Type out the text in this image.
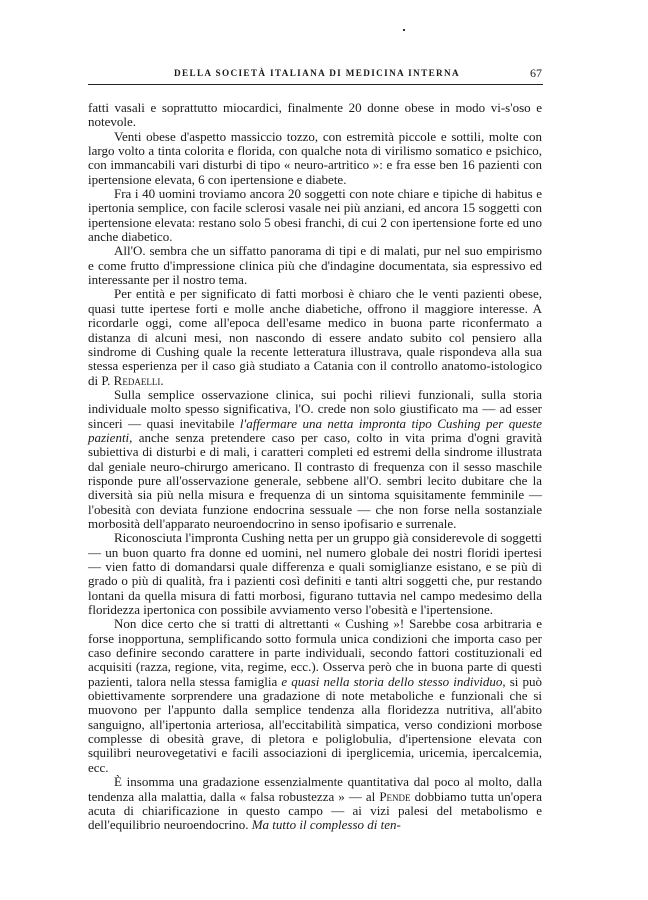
DELLA SOCIETÀ ITALIANA DI MEDICINA INTERNA	67

fatti vasali e soprattutto miocardici, finalmente 20 donne obese in modo vi-s'oso e notevole.

Venti obese d'aspetto massiccio tozzo, con estremità piccole e sottili, molte con largo volto a tinta colorita e florida, con qualche nota di virilismo somatico e psichico, con immancabili vari disturbi di tipo « neuro-artritico »: e fra esse ben 16 pazienti con ipertensione elevata, 6 con ipertensione e diabete.

Fra i 40 uomini troviamo ancora 20 soggetti con note chiare e tipiche di habitus e ipertonia semplice, con facile sclerosi vasale nei più anziani, ed ancora 15 soggetti con ipertensione elevata: restano solo 5 obesi franchi, di cui 2 con ipertensione forte ed uno anche diabetico.

All'O. sembra che un siffatto panorama di tipi e di malati, pur nel suo empirismo e come frutto d'impressione clinica più che d'indagine documentata, sia espressivo ed interessante per il nostro tema.

Per entità e per significato di fatti morbosi è chiaro che le venti pazienti obese, quasi tutte ipertese forti e molle anche diabetiche, offrono il maggiore interesse. A ricordarle oggi, come all'epoca dell'esame medico in buona parte riconfermato a distanza di alcuni mesi, non nascondo di essere andato subito col pensiero alla sindrome di Cushing quale la recente letteratura illustrava, quale rispondeva alla sua stessa esperienza per il caso già studiato a Catania con il controllo anatomo-istologico di P. Redaelli.

Sulla semplice osservazione clinica, sui pochi rilievi funzionali, sulla storia individuale molto spesso significativa, l'O. crede non solo giustificato ma — ad esser sinceri — quasi inevitabile l'affermare una netta impronta tipo Cushing per queste pazienti, anche senza pretendere caso per caso, colto in vita prima d'ogni gravità subiettiva di disturbi e di mali, i caratteri completi ed estremi della sindrome illustrata dal geniale neuro-chirurgo americano. Il contrasto di frequenza con il sesso maschile risponde pure all'osservazione generale, sebbene all'O. sembri lecito dubitare che la diversità sia più nella misura e frequenza di un sintoma squisitamente femminile — l'obesità con deviata funzione endocrina sessuale — che non forse nella sostanziale morbosità dell'apparato neuroendocrino in senso ipofisario e surrenale.

Riconosciuta l'impronta Cushing netta per un gruppo già considerevole di soggetti — un buon quarto fra donne ed uomini, nel numero globale dei nostri floridi ipertesi — vien fatto di domandarsi quale differenza e quali somiglianze esistano, e se più di grado o più di qualità, fra i pazienti così definiti e tanti altri soggetti che, pur restando lontani da quella misura di fatti morbosi, figurano tuttavia nel campo medesimo della floridezza ipertonica con possibile avviamento verso l'obesità e l'ipertensione.

Non dice certo che si tratti di altrettanti « Cushing »! Sarebbe cosa arbitraria e forse inopportuna, semplificando sotto formula unica condizioni che importa caso per caso definire secondo carattere in parte individuali, secondo fattori costituzionali ed acquisiti (razza, regione, vita, regime, ecc.). Osserva però che in buona parte di questi pazienti, talora nella stessa famiglia e quasi nella storia dello stesso individuo, si può obiettivamente sorprendere una gradazione di note metaboliche e funzionali che si muovono per l'appunto dalla semplice tendenza alla floridezza nutritiva, all'abito sanguigno, all'ipertonia arteriosa, all'eccitabilità simpatica, verso condizioni morbose complesse di obesità grave, di pletora e poliglobulia, d'ipertensione elevata con squilibri neurovegetativi e facili associazioni di iperglicemia, uricemia, ipercalcemia, ecc.

È insomma una gradazione essenzialmente quantitativa dal poco al molto, dalla tendenza alla malattia, dalla « falsa robustezza » — al Pende dobbiamo tutta un'opera acuta di chiarificazione in questo campo — ai vizi palesi del metabolismo e dell'equilibrio neuroendocrino. Ma tutto il complesso di ten-
